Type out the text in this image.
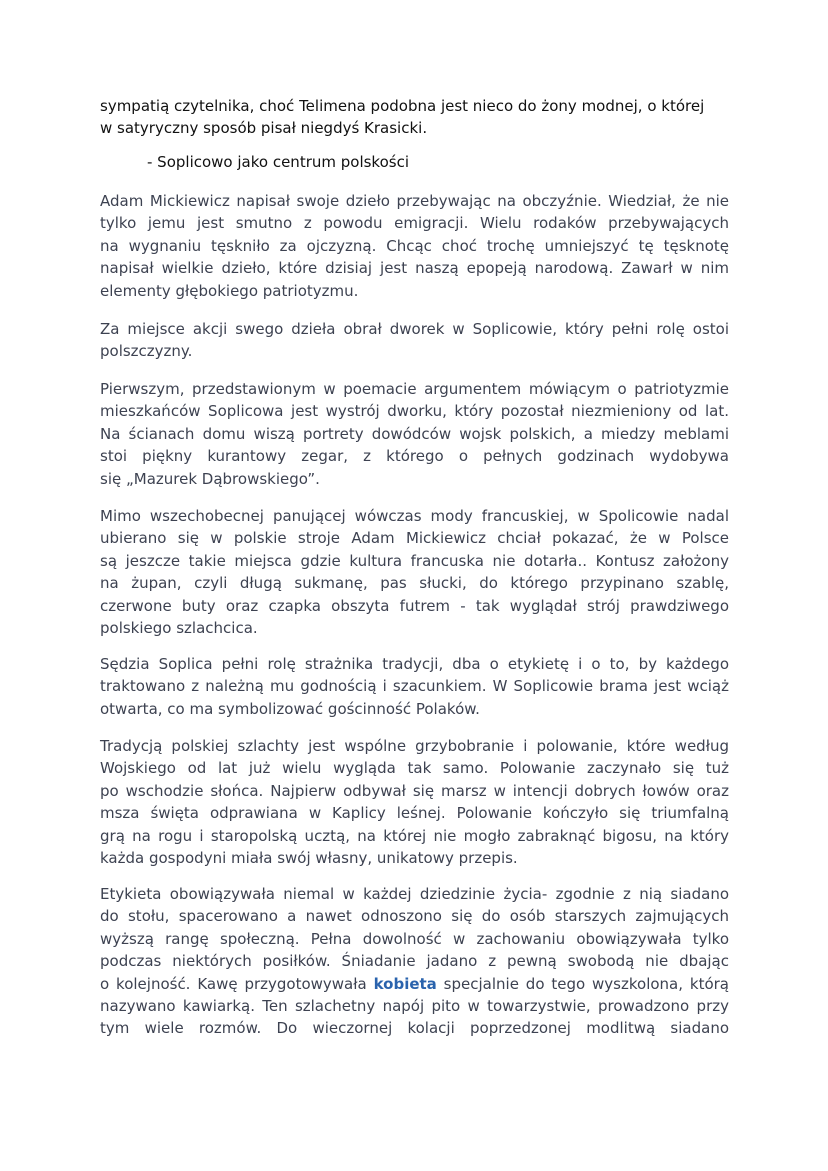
sympatią czytelnika, choć Telimena podobna jest nieco do żony modnej, o której
w satyryczny sposób pisał niegdyś Krasicki.
- Soplicowo jako centrum polskości
Adam Mickiewicz napisał swoje dzieło przebywając na obczyźnie. Wiedział, że nie
tylko jemu jest smutno z powodu emigracji. Wielu rodaków przebywających
na wygnaniu tęskniło za ojczyzną. Chcąc choć trochę umniejszyć tę tęsknotę
napisał wielkie dzieło, które dzisiaj jest naszą epopeją narodową. Zawarł w nim
elementy głębokiego patriotyzmu.
Za miejsce akcji swego dzieła obrał dworek w Soplicowie, który pełni rolę ostoi
polszczyzny.
Pierwszym, przedstawionym w poemacie argumentem mówiącym o patriotyzmie
mieszkańców Soplicowa jest wystrój dworku, który pozostał niezmieniony od lat.
Na ścianach domu wiszą portrety dowódców wojsk polskich, a miedzy meblami
stoi piękny kurantowy zegar, z którego o pełnych godzinach wydobywa
się „Mazurek Dąbrowskiego”.
Mimo wszechobecnej panującej wówczas mody francuskiej, w Spolicowie nadal
ubierano się w polskie stroje Adam Mickiewicz chciał pokazać, że w Polsce
są jeszcze takie miejsca gdzie kultura francuska nie dotarła.. Kontusz założony
na żupan, czyli długą sukmanę, pas słucki, do którego przypinano szablę,
czerwone buty oraz czapka obszyta futrem - tak wyglądał strój prawdziwego
polskiego szlachcica.
Sędzia Soplica pełni rolę strażnika tradycji, dba o etykietę i o to, by każdego
traktowano z należną mu godnością i szacunkiem. W Soplicowie brama jest wciąż
otwarta, co ma symbolizować gościnność Polaków.
Tradycją polskiej szlachty jest wspólne grzybobranie i polowanie, które według
Wojskiego od lat już wielu wygląda tak samo. Polowanie zaczynało się tuż
po wschodzie słońca. Najpierw odbywał się marsz w intencji dobrych łowów oraz
msza święta odprawiana w Kaplicy leśnej. Polowanie kończyło się triumfalną
grą na rogu i staropolską ucztą, na której nie mogło zabraknąć bigosu, na który
każda gospodyni miała swój własny, unikatowy przepis.
Etykieta obowiązywała niemal w każdej dziedzinie życia- zgodnie z nią siadano
do stołu, spacerowano a nawet odnoszono się do osób starszych zajmujących
wyższą rangę społeczną. Pełna dowolność w zachowaniu obowiązywała tylko
podczas niektórych posiłków. Śniadanie jadano z pewną swobodą nie dbając
o kolejność. Kawę przygotowywała kobieta specjalnie do tego wyszkolona, którą
nazywano kawiarką. Ten szlachetny napój pito w towarzystwie, prowadzono przy
tym wiele rozmów. Do wieczornej kolacji poprzedzonej modlitwą siadano
